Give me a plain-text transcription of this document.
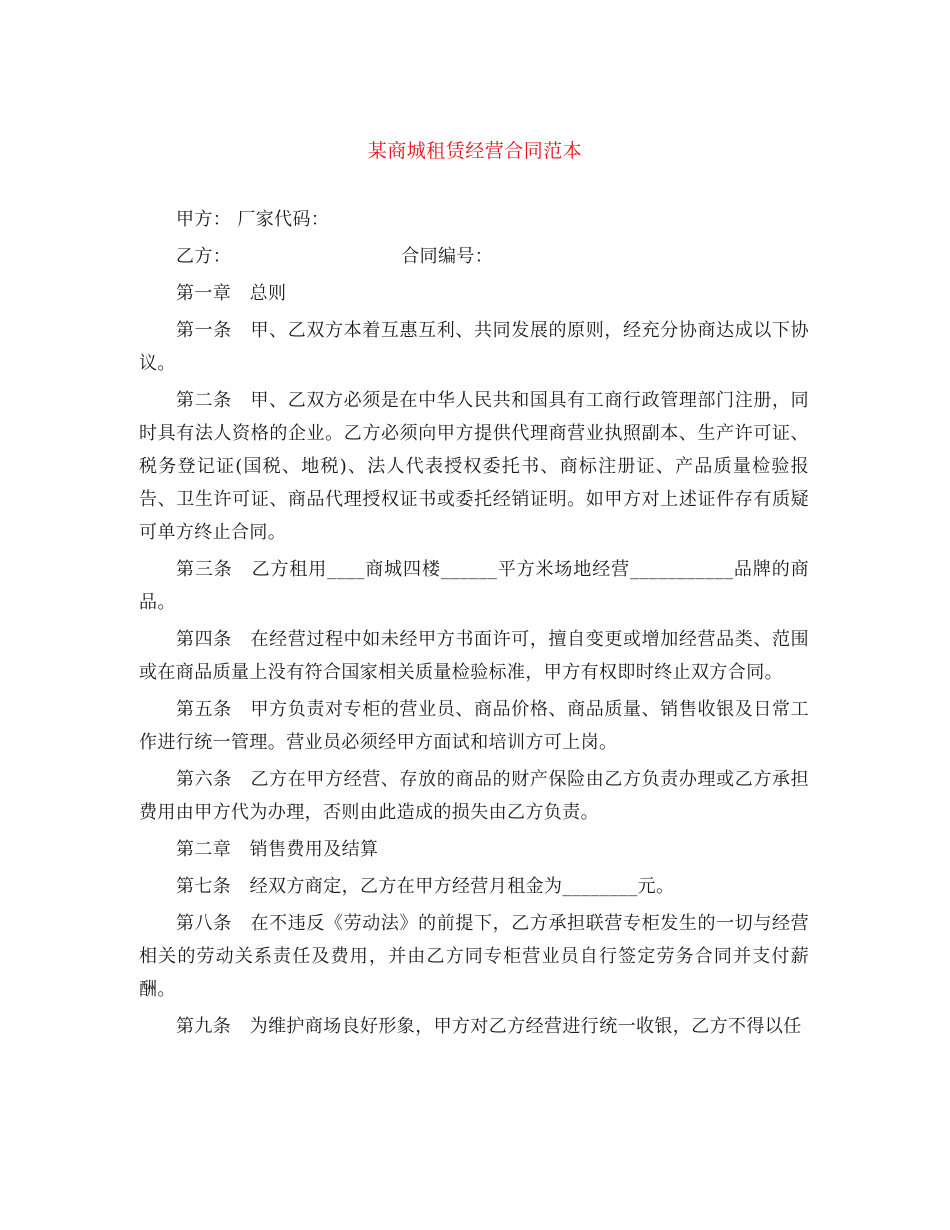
某商城租赁经营合同范本

甲方： 厂家代码：

乙方：	合同编号：

第一章　总则

第一条　甲、乙双方本着互惠互利、共同发展的原则，经充分协商达成以下协议。

第二条　甲、乙双方必须是在中华人民共和国具有工商行政管理部门注册，同时具有法人资格的企业。乙方必须向甲方提供代理商营业执照副本、生产许可证、税务登记证(国税、地税)、法人代表授权委托书、商标注册证、产品质量检验报告、卫生许可证、商品代理授权证书或委托经销证明。如甲方对上述证件存有质疑可单方终止合同。

第三条　乙方租用____商城四楼______平方米场地经营___________品牌的商品。

第四条　在经营过程中如未经甲方书面许可，擅自变更或增加经营品类、范围或在商品质量上没有符合国家相关质量检验标准，甲方有权即时终止双方合同。

第五条　甲方负责对专柜的营业员、商品价格、商品质量、销售收银及日常工作进行统一管理。营业员必须经甲方面试和培训方可上岗。

第六条　乙方在甲方经营、存放的商品的财产保险由乙方负责办理或乙方承担费用由甲方代为办理，否则由此造成的损失由乙方负责。

第二章　销售费用及结算

第七条　经双方商定，乙方在甲方经营月租金为________元。

第八条　在不违反《劳动法》的前提下，乙方承担联营专柜发生的一切与经营相关的劳动关系责任及费用，并由乙方同专柜营业员自行签定劳务合同并支付薪酬。

第九条　为维护商场良好形象，甲方对乙方经营进行统一收银，乙方不得以任
